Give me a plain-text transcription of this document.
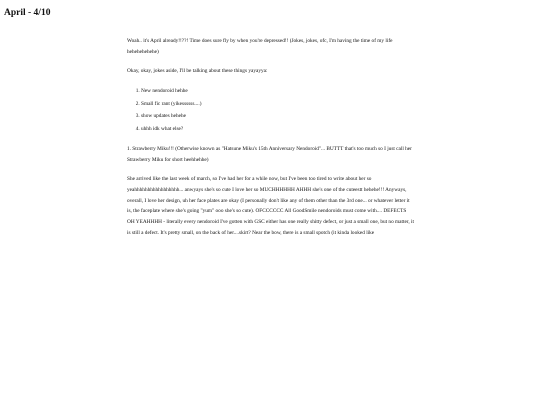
April - 4/10

Woah.. it's April already!!??! Time does sure fly by when you're depressed!! (Jokes, jokes, ofc, I'm having the time of my life hehehehehehe)

Okay, okay, jokes aside, I'll be talking about these things yayayya:

1. New nendoroid hehhe
2. Small fic rant (yikessssss....)
3. show updates hehehe
4. uhhh idk what else?

1. Strawberry Miku!!! (Otherwise known as "Hatsune Miku's 15th Anniversary Nendoroid"... BUTTT that's too much so I just call her Strawberry Miku for short heehhehhe)

She arrived like the last week of march, so I've had her for a while now, but I've been too tired to write about her so yeahhhhhhhhhhhhhhhhh... anwyays she's so cute I love her so MUCHHHHHH AHHH she's one of the cuteestt hehehe!!! Anyways, overall, I love her design, uh her face plates are okay (I personally don't like any of them other than the 3rd one... or whatever letter it is, the faceplate where she's going "yum" ooo she's so cute). OFCCCCCC All GoodSmile nendoroids must come with.... DEFECTS OH YEAHHHH - literally every nendoroid I've gotten with GSC either has one really shitty defect, or just a small one, but no matter, it is still a defect. It's pretty small, on the back of her....skirt? Near the bow, there is a small spotch (it kinda looked like
